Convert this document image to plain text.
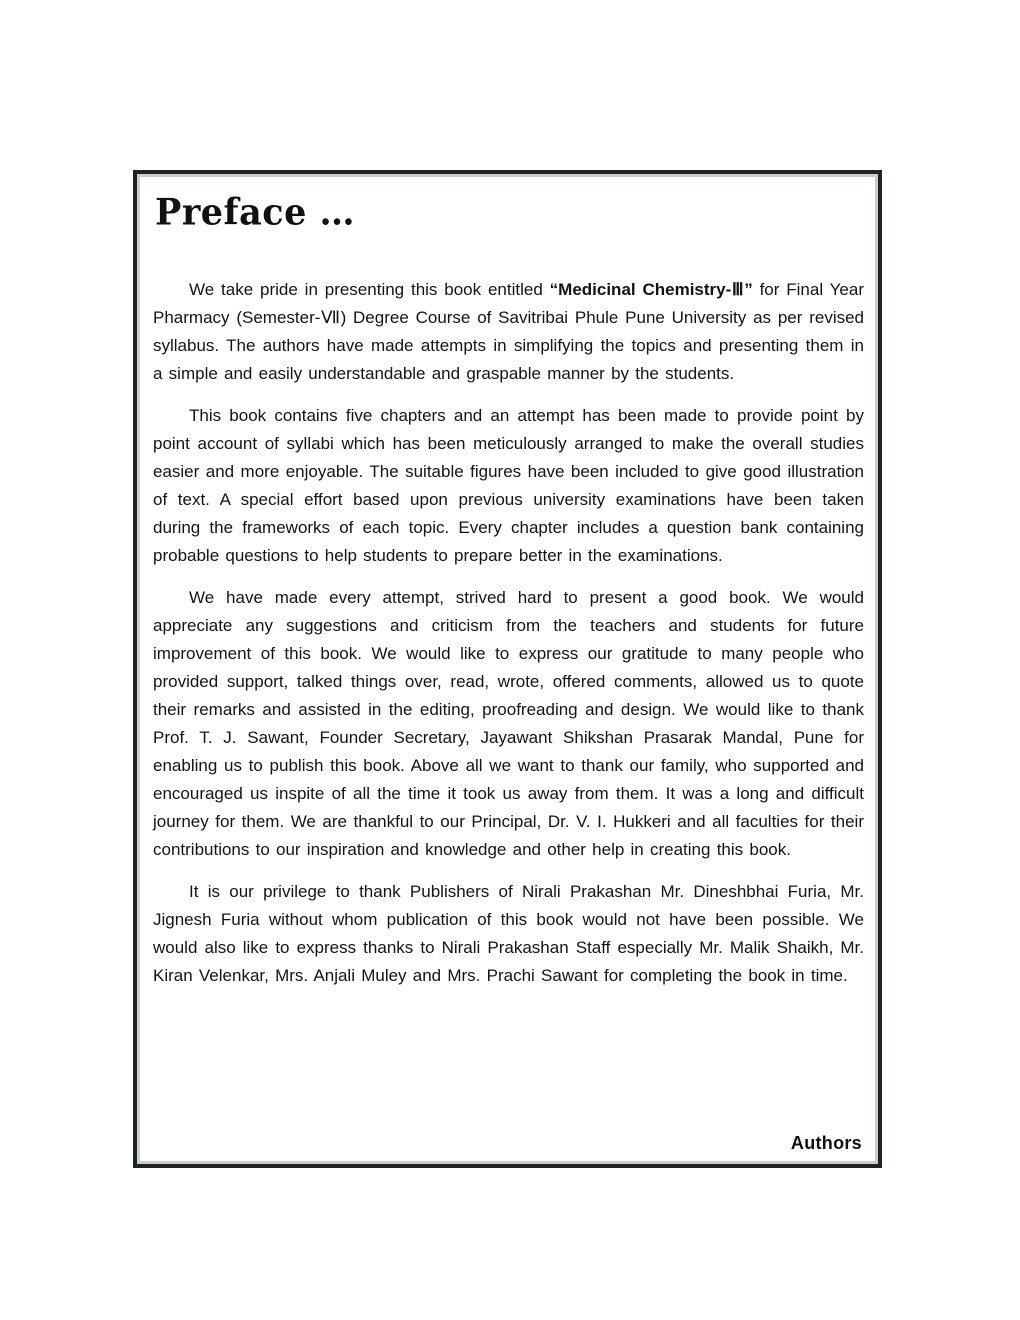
Preface …

We take pride in presenting this book entitled “Medicinal Chemistry-Ⅲ” for Final Year Pharmacy (Semester-Ⅶ) Degree Course of Savitribai Phule Pune University as per revised syllabus. The authors have made attempts in simplifying the topics and presenting them in a simple and easily understandable and graspable manner by the students.

This book contains five chapters and an attempt has been made to provide point by point account of syllabi which has been meticulously arranged to make the overall studies easier and more enjoyable. The suitable figures have been included to give good illustration of text. A special effort based upon previous university examinations have been taken during the frameworks of each topic. Every chapter includes a question bank containing probable questions to help students to prepare better in the examinations.

We have made every attempt, strived hard to present a good book. We would appreciate any suggestions and criticism from the teachers and students for future improvement of this book. We would like to express our gratitude to many people who provided support, talked things over, read, wrote, offered comments, allowed us to quote their remarks and assisted in the editing, proofreading and design. We would like to thank Prof. T. J. Sawant, Founder Secretary, Jayawant Shikshan Prasarak Mandal, Pune for enabling us to publish this book. Above all we want to thank our family, who supported and encouraged us inspite of all the time it took us away from them. It was a long and difficult journey for them. We are thankful to our Principal, Dr. V. I. Hukkeri and all faculties for their contributions to our inspiration and knowledge and other help in creating this book.

It is our privilege to thank Publishers of Nirali Prakashan Mr. Dineshbhai Furia, Mr. Jignesh Furia without whom publication of this book would not have been possible. We would also like to express thanks to Nirali Prakashan Staff especially Mr. Malik Shaikh, Mr. Kiran Velenkar, Mrs. Anjali Muley and Mrs. Prachi Sawant for completing the book in time.

Authors
